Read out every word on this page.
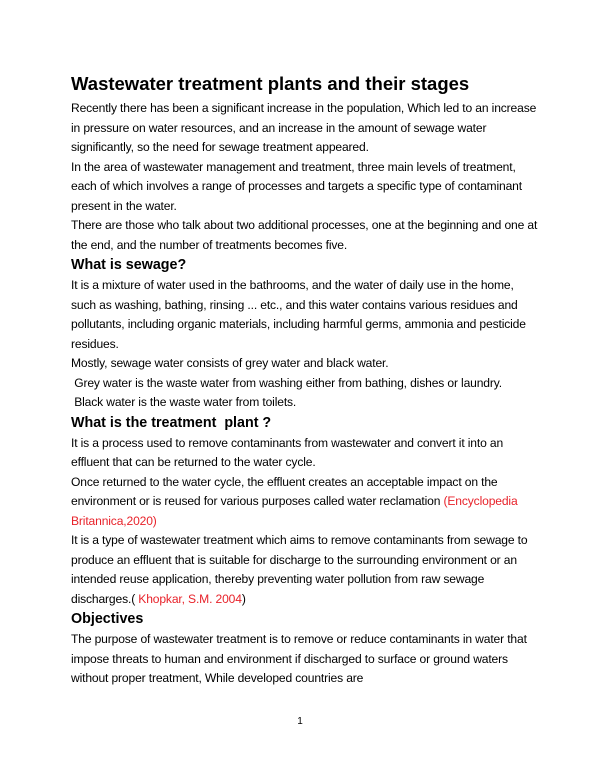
Wastewater treatment plants and their stages

Recently there has been a significant increase in the population, Which led to an increase in pressure on water resources, and an increase in the amount of sewage water significantly, so the need for sewage treatment appeared.

In the area of wastewater management and treatment, three main levels of treatment, each of which involves a range of processes and targets a specific type of contaminant present in the water.

There are those who talk about two additional processes, one at the beginning and one at the end, and the number of treatments becomes five.

What is sewage?

It is a mixture of water used in the bathrooms, and the water of daily use in the home, such as washing, bathing, rinsing ... etc., and this water contains various residues and pollutants, including organic materials, including harmful germs, ammonia and pesticide residues.

Mostly, sewage water consists of grey water and black water.

Grey water is the waste water from washing either from bathing, dishes or laundry.

Black water is the waste water from toilets.

What is the treatment  plant ?

It is a process used to remove contaminants from wastewater and convert it into an effluent that can be returned to the water cycle.

Once returned to the water cycle, the effluent creates an acceptable impact on the environment or is reused for various purposes called water reclamation (Encyclopedia Britannica,2020)

It is a type of wastewater treatment which aims to remove contaminants from sewage to produce an effluent that is suitable for discharge to the surrounding environment or an intended reuse application, thereby preventing water pollution from raw sewage discharges.( Khopkar, S.M. 2004)

Objectives

The purpose of wastewater treatment is to remove or reduce contaminants in water that impose threats to human and environment if discharged to surface or ground waters without proper treatment, While developed countries are

1
